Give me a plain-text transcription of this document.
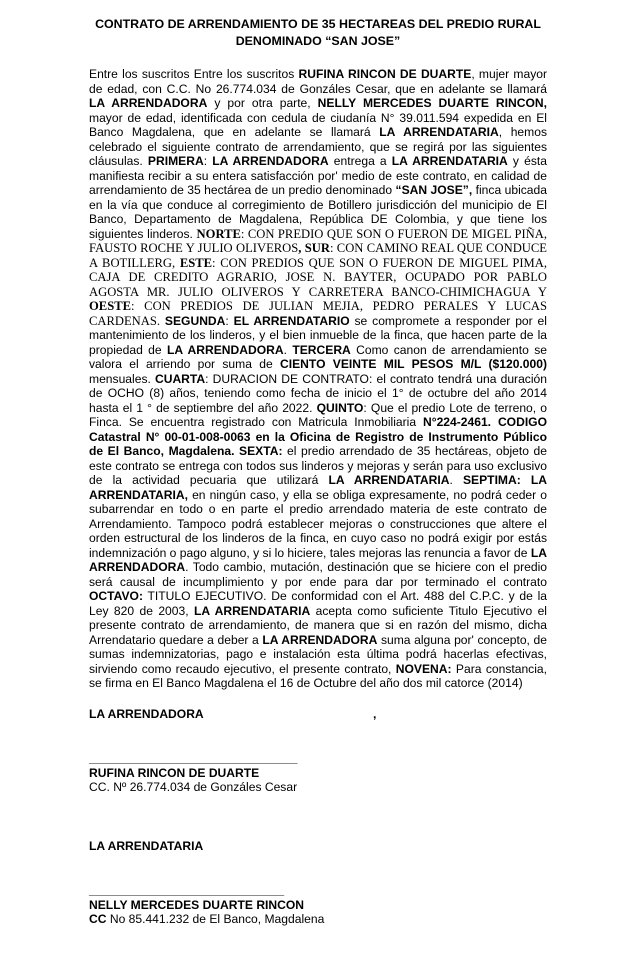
CONTRATO DE ARRENDAMIENTO DE 35 HECTAREAS DEL PREDIO RURAL DENOMINADO “SAN JOSE”

Entre los suscritos Entre los suscritos RUFINA RINCON DE DUARTE, mujer mayor de edad, con C.C. No 26.774.034 de Gonzáles Cesar, que en adelante se llamará LA ARRENDADORA y por otra parte, NELLY MERCEDES DUARTE RINCON, mayor de edad, identificada con cedula de ciudanía N° 39.011.594 expedida en El Banco Magdalena, que en adelante se llamará LA ARRENDATARIA, hemos celebrado el siguiente contrato de arrendamiento, que se regirá por las siguientes cláusulas. PRIMERA: LA ARRENDADORA entrega a LA ARRENDATARIA y ésta manifiesta recibir a su entera satisfacción por' medio de este contrato, en calidad de arrendamiento de 35 hectárea de un predio denominado “SAN JOSE”, finca ubicada en la vía que conduce al corregimiento de Botillero jurisdicción del municipio de El Banco, Departamento de Magdalena, República DE Colombia, y que tiene los siguientes linderos. NORTE: CON PREDIO QUE SON O FUERON DE MIGEL PIÑA, FAUSTO ROCHE Y JULIO OLIVEROS, SUR: CON CAMINO REAL QUE CONDUCE A BOTILLERG, ESTE: CON PREDIOS QUE SON O FUERON DE MIGUEL PIMA, CAJA DE CREDITO AGRARIO, JOSE N. BAYTER, OCUPADO POR PABLO AGOSTA MR. JULIO OLIVEROS Y CARRETERA BANCO-CHIMICHAGUA Y OESTE: CON PREDIOS DE JULIAN MEJIA, PEDRO PERALES Y LUCAS CARDENAS. SEGUNDA: EL ARRENDATARIO se compromete a responder por el mantenimiento de los linderos, y el bien inmueble de la finca, que hacen parte de la propiedad de LA ARRENDADORA. TERCERA Como canon de arrendamiento se valora el arriendo por suma de CIENTO VEINTE MIL PESOS M/L ($120.000) mensuales. CUARTA: DURACION DE CONTRATO: el contrato tendrá una duración de OCHO (8) años, teniendo como fecha de inicio el 1° de octubre del año 2014 hasta el 1 ° de septiembre del año 2022. QUINTO: Que el predio Lote de terreno, o Finca. Se encuentra registrado con Matricula Inmobiliaria N°224-2461. CODIGO Catastral N° 00-01-008-0063 en la Oficina de Registro de Instrumento Público de El Banco, Magdalena. SEXTA: el predio arrendado de 35 hectáreas, objeto de este contrato se entrega con todos sus linderos y mejoras y serán para uso exclusivo de la actividad pecuaria que utilizará LA ARRENDATARIA. SEPTIMA: LA ARRENDATARIA, en ningún caso, y ella se obliga expresamente, no podrá ceder o subarrendar en todo o en parte el predio arrendado materia de este contrato de Arrendamiento. Tampoco podrá establecer mejoras o construcciones que altere el orden estructural de los linderos de la finca, en cuyo caso no podrá exigir por estás indemnización o pago alguno, y si lo hiciere, tales mejoras las renuncia a favor de LA ARRENDADORA. Todo cambio, mutación, destinación que se hiciere con el predio será causal de incumplimiento y por ende para dar por terminado el contrato OCTAVO: TITULO EJECUTIVO. De conformidad con el Art. 488 del C.P.C. y de la Ley 820 de 2003, LA ARRENDATARIA acepta como suficiente Titulo Ejecutivo el presente contrato de arrendamiento, de manera que si en razón del mismo, dicha Arrendatario quedare a deber a LA ARRENDADORA suma alguna por' concepto, de sumas indemnizatorias, pago e instalación esta última podrá hacerlas efectivas, sirviendo como recaudo ejecutivo, el presente contrato, NOVENA: Para constancia, se firma en El Banco Magdalena el 16 de Octubre del año dos mil catorce (2014)

LA ARRENDADORA	,
_______________________________
RUFINA RINCON DE DUARTE
CC. Nº 26.774.034 de Gonzáles Cesar
LA ARRENDATARIA
_____________________________
NELLY MERCEDES DUARTE RINCON
CC No 85.441.232 de El Banco, Magdalena
